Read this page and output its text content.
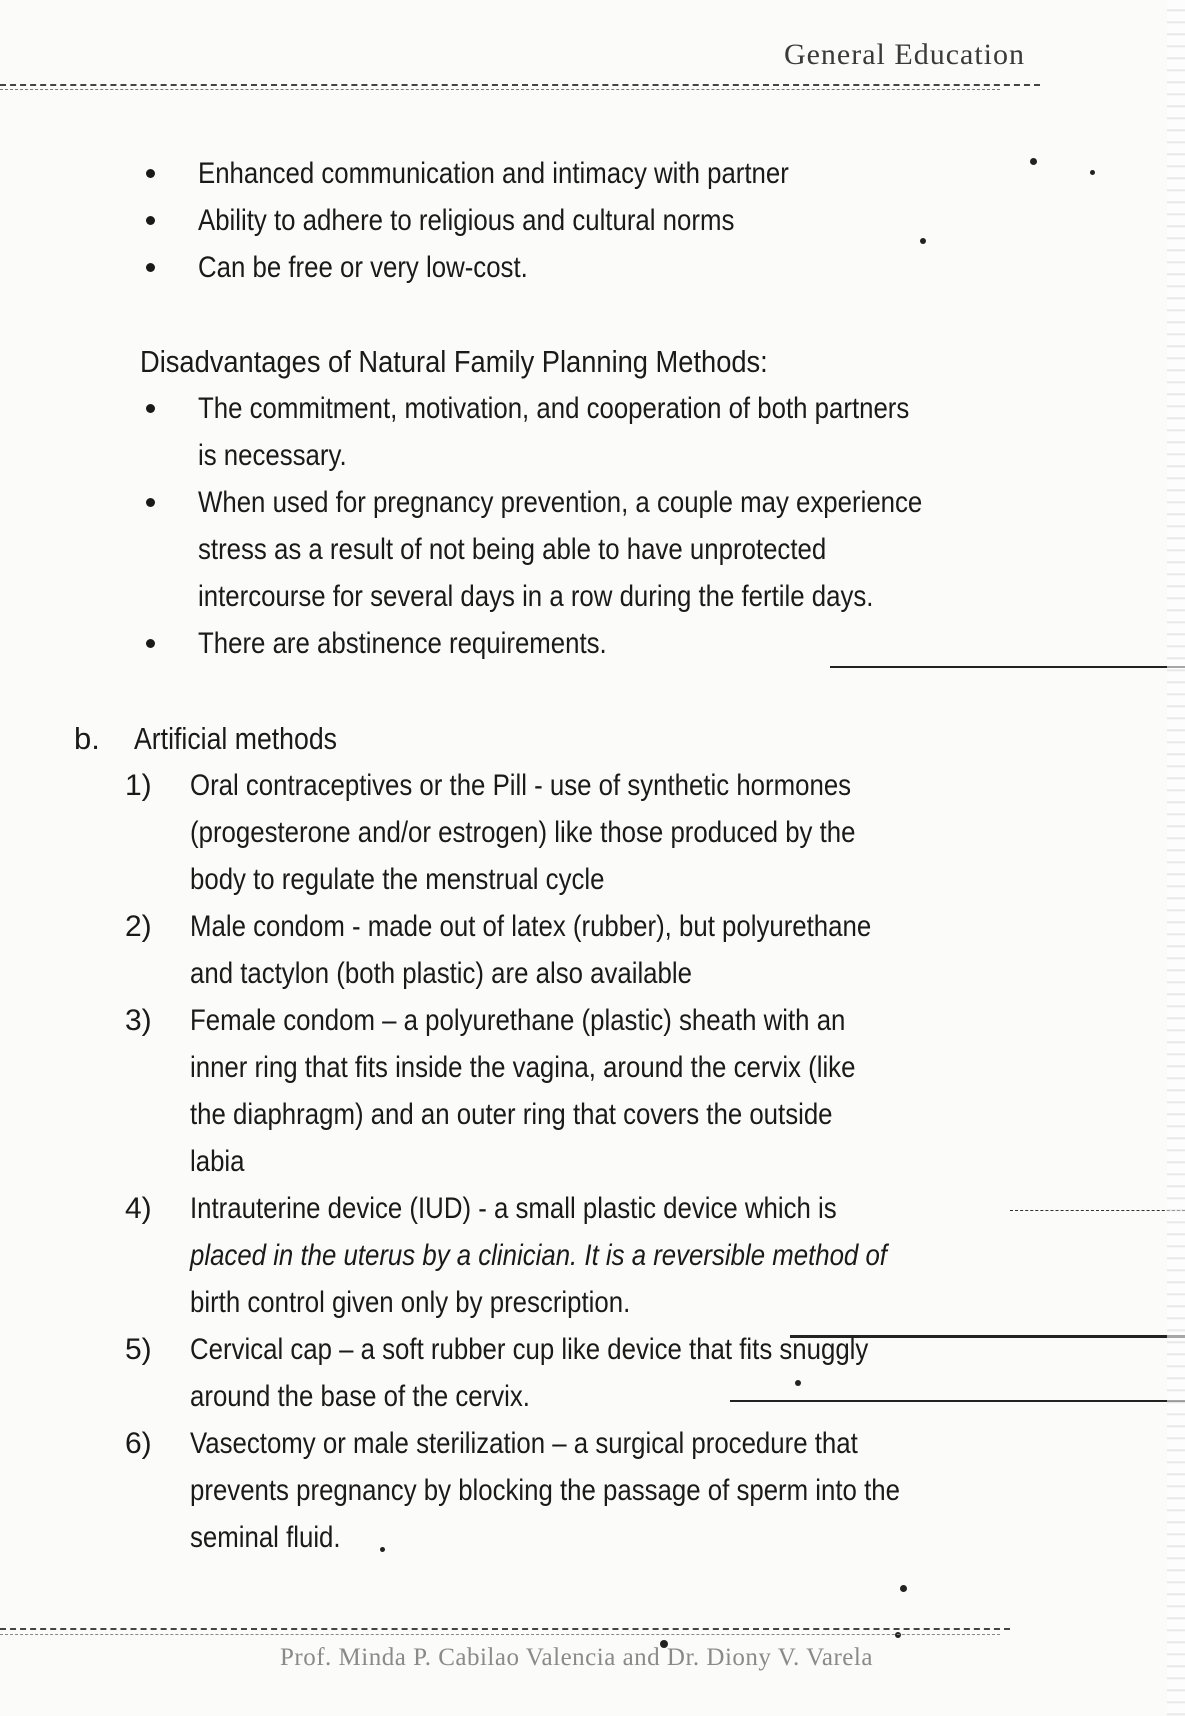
General Education
Enhanced communication and intimacy with partner
Ability to adhere to religious and cultural norms
Can be free or very low-cost.
Disadvantages of Natural Family Planning Methods:
The commitment, motivation, and cooperation of both partners
is necessary.
When used for pregnancy prevention, a couple may experience
stress as a result of not being able to have unprotected
intercourse for several days in a row during the fertile days.
There are abstinence requirements.
b. Artificial methods
1) Oral contraceptives or the Pill - use of synthetic hormones
(progesterone and/or estrogen) like those produced by the
body to regulate the menstrual cycle
2) Male condom - made out of latex (rubber), but polyurethane
and tactylon (both plastic) are also available
3) Female condom – a polyurethane (plastic) sheath with an
inner ring that fits inside the vagina, around the cervix (like
the diaphragm) and an outer ring that covers the outside
labia
4) Intrauterine device (IUD) - a small plastic device which is
placed in the uterus by a clinician. It is a reversible method of
birth control given only by prescription.
5) Cervical cap – a soft rubber cup like device that fits snuggly
around the base of the cervix.
6) Vasectomy or male sterilization – a surgical procedure that
prevents pregnancy by blocking the passage of sperm into the
seminal fluid.
Prof. Minda P. Cabilao Valencia and Dr. Diony V. Varela
